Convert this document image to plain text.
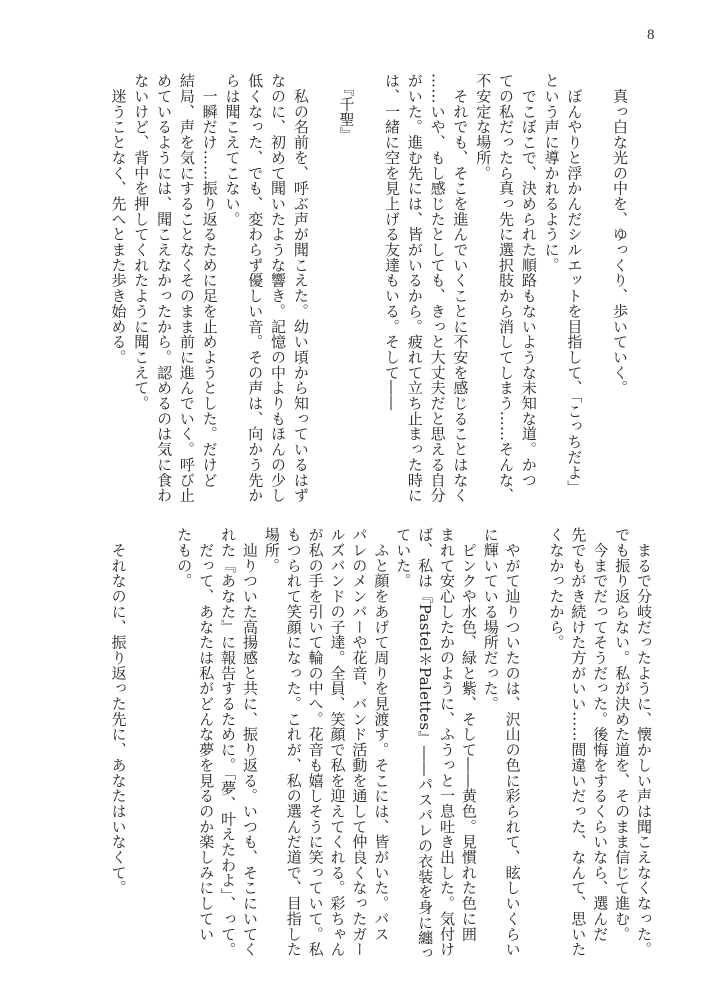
8
　真っ白な光の中を、ゆっくり、歩いていく。
　ぼんやりと浮かんだシルエットを目指して、「こっちだよ」
という声に導かれるように。
　でこぼこで、決められた順路もないような未知な道。かつ
ての私だったら真っ先に選択肢から消してしまう……そんな、
不安定な場所。
　それでも、そこを進んでいくことに不安を感じることはなく
……いや、もし感じたとしても、きっと大丈夫だと思える自分
がいた。進む先には、皆がいるから。疲れて立ち止まった時に
は、一緒に空を見上げる友達もいる。そして――
　『千聖』
　私の名前を、呼ぶ声が聞こえた。幼い頃から知っているはず
なのに、初めて聞いたような響き。記憶の中よりもほんの少し
低くなった、でも、変わらず優しい音。その声は、向かう先か
らは聞こえてこない。
　一瞬だけ……振り返るために足を止めようとした。だけど
結局、声を気にすることなくそのまま前に進んでいく。呼び止
めているようには、聞こえなかったから。認めるのは気に食わ
ないけど、背中を押してくれたように聞こえて。
　迷うことなく、先へとまた歩き始める。
　まるで分岐だったように、懐かしい声は聞こえなくなった。
でも振り返らない。私が決めた道を、そのまま信じて進む。
　今までだってそうだった。後悔をするくらいなら、選んだ
先でもがき続けた方がいい……間違いだった、なんて、思いた
くなかったから。
　やがて辿りついたのは、沢山の色に彩られて、眩しいくらい
に輝いている場所だった。
　ピンクや水色、緑と紫、そして――黄色。見慣れた色に囲
まれて安心したかのように、ふうっと一息吐き出した。気付け
ば、私は『Pastel＊Palettes』――パスパレの衣装を身に纏っ
ていた。
　ふと顔をあげて周りを見渡す。そこには、皆がいた。パス
パレのメンバーや花音、バンド活動を通して仲良くなったガー
ルズバンドの子達。全員、笑顔で私を迎えてくれる。彩ちゃん
が私の手を引いて輪の中へ。花音も嬉しそうに笑っていて。私
もつられて笑顔になった。これが、私の選んだ道で、目指した
場所。
　辿りついた高揚感と共に、振り返る。いつも、そこにいてく
れた『あなた』に報告するために。「夢、叶えたわよ」、って。
　だって、あなたは私がどんな夢を見るのか楽しみにしてい
たもの。
　それなのに、振り返った先に、あなたはいなくて。
